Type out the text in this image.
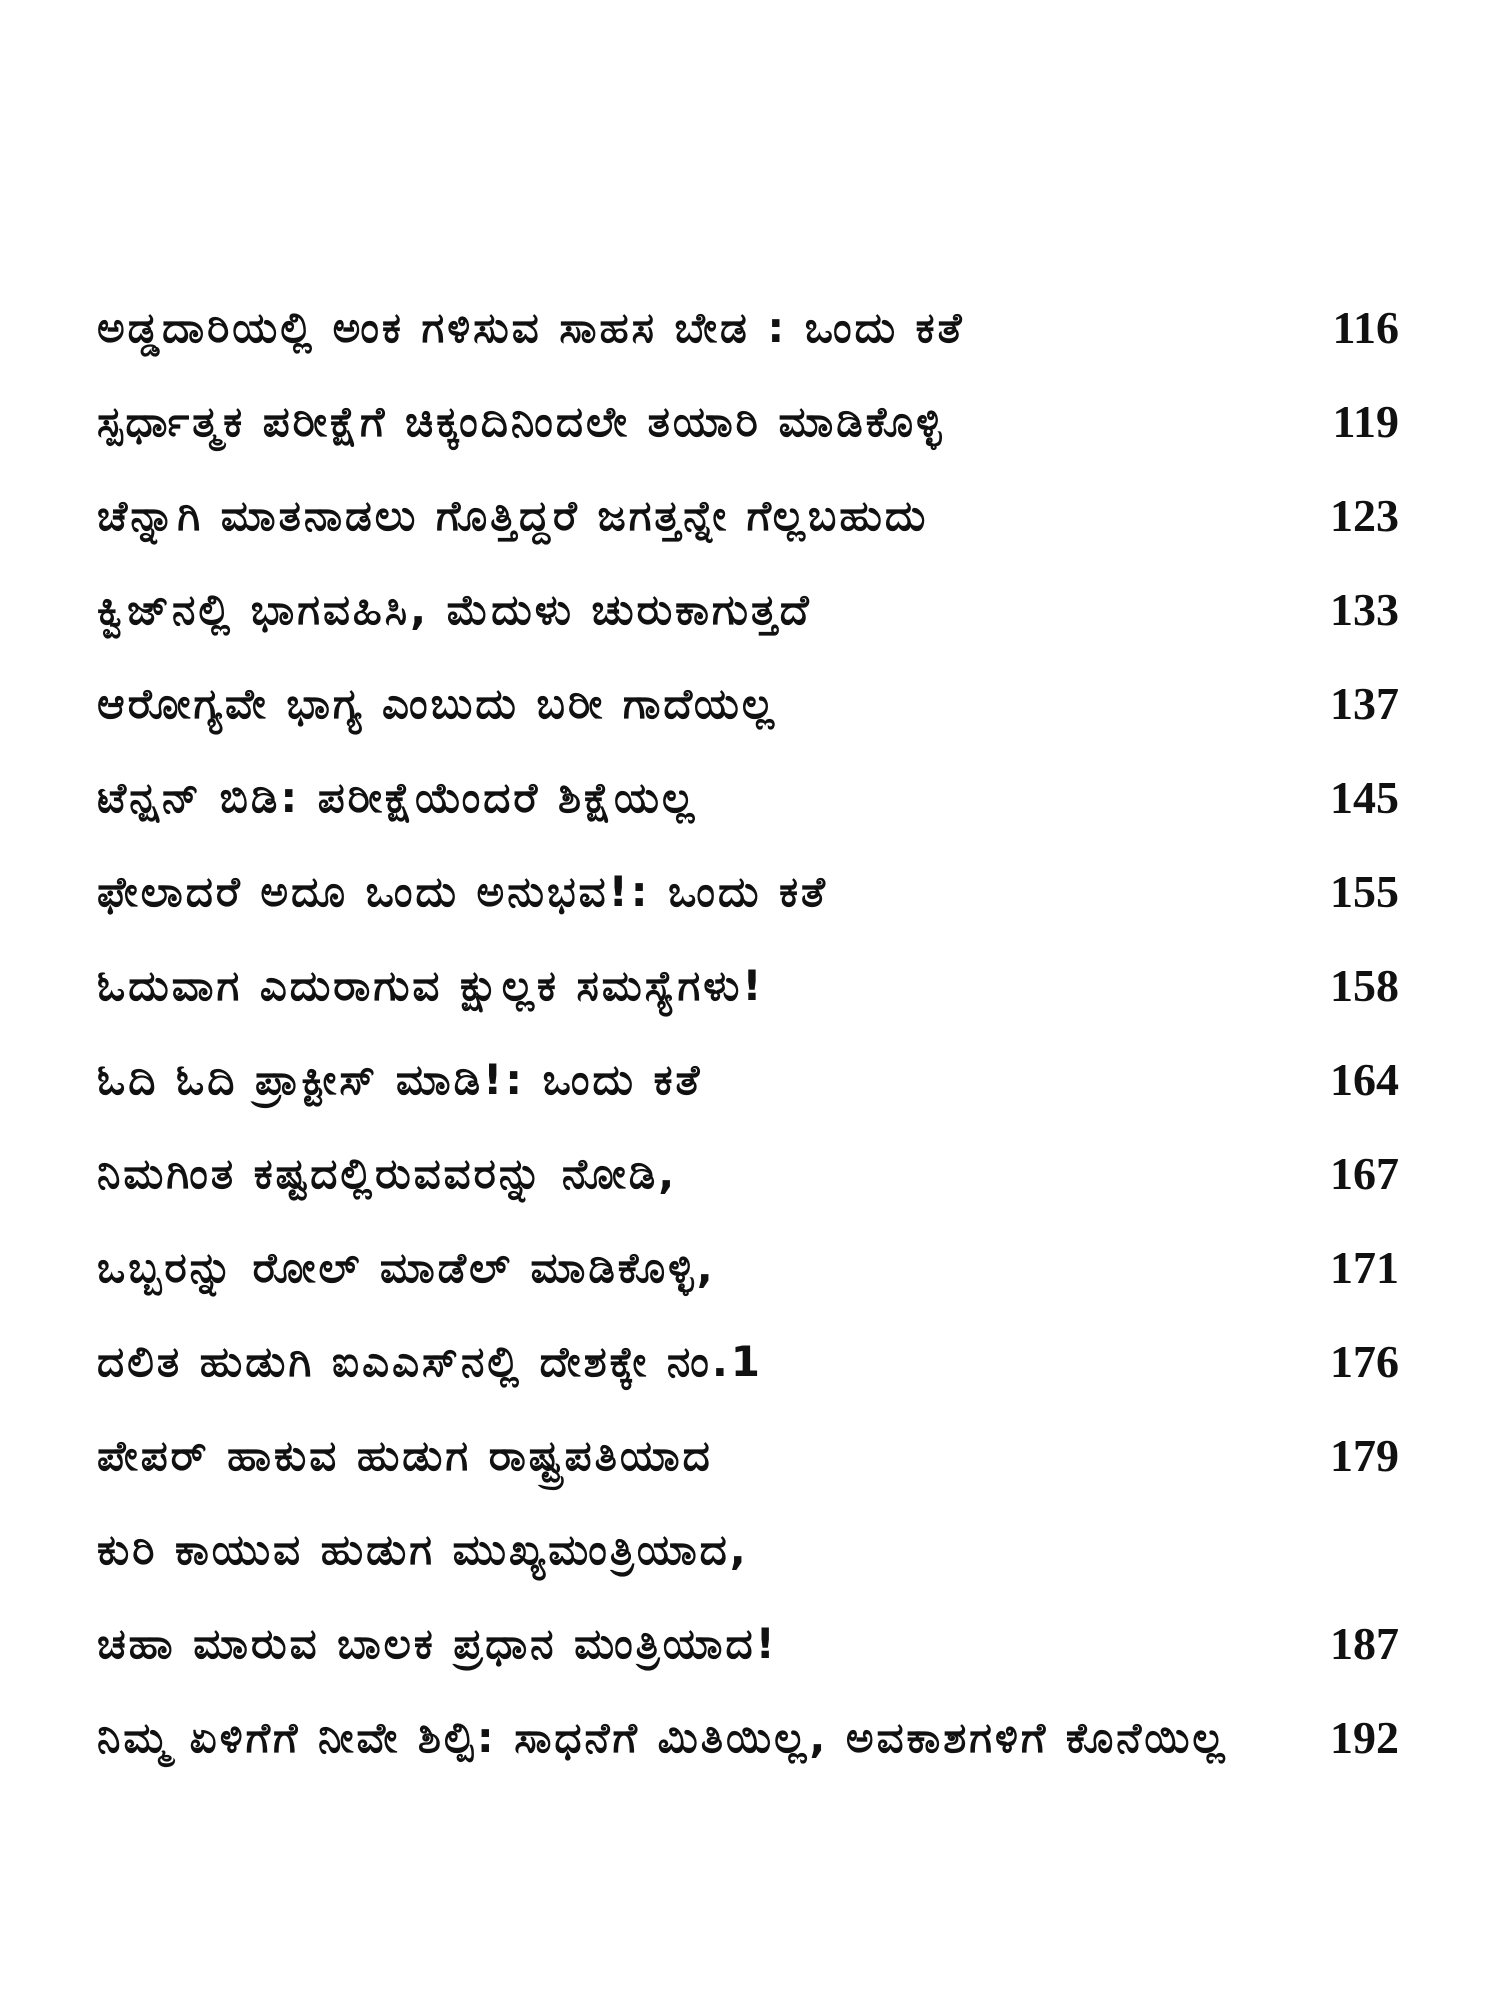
ಅಡ್ಡದಾರಿಯಲ್ಲಿ ಅಂಕ ಗಳಿಸುವ ಸಾಹಸ ಬೇಡ : ಒಂದು ಕತೆ	116
ಸ್ಪರ್ಧಾತ್ಮಕ ಪರೀಕ್ಷೆಗೆ ಚಿಕ್ಕಂದಿನಿಂದಲೇ ತಯಾರಿ ಮಾಡಿಕೊಳ್ಳಿ	119
ಚೆನ್ನಾಗಿ ಮಾತನಾಡಲು ಗೊತ್ತಿದ್ದರೆ ಜಗತ್ತನ್ನೇ ಗೆಲ್ಲಬಹುದು	123
ಕ್ವಿಜ್‌ನಲ್ಲಿ ಭಾಗವಹಿಸಿ, ಮೆದುಳು ಚುರುಕಾಗುತ್ತದೆ	133
ಆರೋಗ್ಯವೇ ಭಾಗ್ಯ ಎಂಬುದು ಬರೀ ಗಾದೆಯಲ್ಲ	137
ಟೆನ್ಷನ್ ಬಿಡಿ: ಪರೀಕ್ಷೆಯೆಂದರೆ ಶಿಕ್ಷೆಯಲ್ಲ	145
ಫೇಲಾದರೆ ಅದೂ ಒಂದು ಅನುಭವ!: ಒಂದು ಕತೆ	155
ಓದುವಾಗ ಎದುರಾಗುವ ಕ್ಷುಲ್ಲಕ ಸಮಸ್ಯೆಗಳು!	158
ಓದಿ ಓದಿ ಪ್ರಾಕ್ಟೀಸ್ ಮಾಡಿ!: ಒಂದು ಕತೆ	164
ನಿಮಗಿಂತ ಕಷ್ಟದಲ್ಲಿರುವವರನ್ನು ನೋಡಿ,	167
ಒಬ್ಬರನ್ನು ರೋಲ್ ಮಾಡೆಲ್ ಮಾಡಿಕೊಳ್ಳಿ,	171
ದಲಿತ ಹುಡುಗಿ ಐಎಎಸ್‌ನಲ್ಲಿ ದೇಶಕ್ಕೇ ನಂ.1	176
ಪೇಪರ್ ಹಾಕುವ ಹುಡುಗ ರಾಷ್ಟ್ರಪತಿಯಾದ	179
ಕುರಿ ಕಾಯುವ ಹುಡುಗ ಮುಖ್ಯಮಂತ್ರಿಯಾದ,
ಚಹಾ ಮಾರುವ ಬಾಲಕ ಪ್ರಧಾನ ಮಂತ್ರಿಯಾದ!	187
ನಿಮ್ಮ ಏಳಿಗೆಗೆ ನೀವೇ ಶಿಲ್ಪಿ: ಸಾಧನೆಗೆ ಮಿತಿಯಿಲ್ಲ, ಅವಕಾಶಗಳಿಗೆ ಕೊನೆಯಿಲ್ಲ 192
